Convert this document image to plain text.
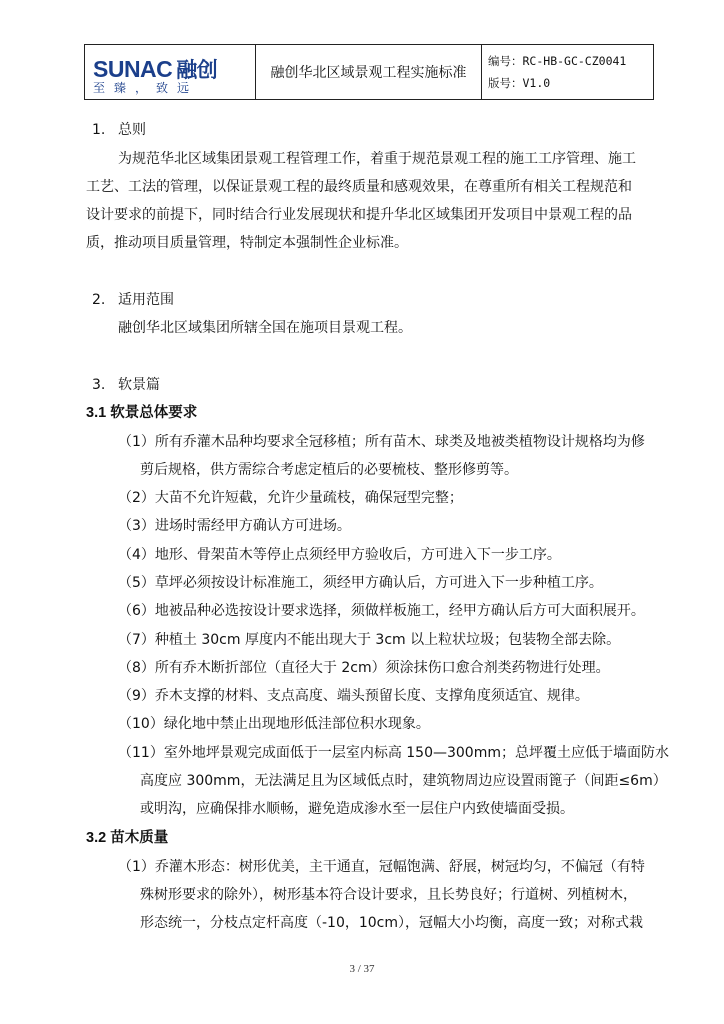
SUNAC 融创
至臻，致远
融创华北区域景观工程实施标准
编号：RC-HB-GC-CZ0041
版号：V1.0
1. 总则
为规范华北区域集团景观工程管理工作，着重于规范景观工程的施工工序管理、施工
工艺、工法的管理，以保证景观工程的最终质量和感观效果，在尊重所有相关工程规范和
设计要求的前提下，同时结合行业发展现状和提升华北区域集团开发项目中景观工程的品
质，推动项目质量管理，特制定本强制性企业标准。
2. 适用范围
融创华北区域集团所辖全国在施项目景观工程。
3. 软景篇
3.1 软景总体要求
（1）所有乔灌木品种均要求全冠移植；所有苗木、球类及地被类植物设计规格均为修
剪后规格，供方需综合考虑定植后的必要梳枝、整形修剪等。
（2）大苗不允许短截，允许少量疏枝，确保冠型完整；
（3）进场时需经甲方确认方可进场。
（4）地形、骨架苗木等停止点须经甲方验收后，方可进入下一步工序。
（5）草坪必须按设计标准施工，须经甲方确认后，方可进入下一步种植工序。
（6）地被品种必选按设计要求选择，须做样板施工，经甲方确认后方可大面积展开。
（7）种植土 30cm 厚度内不能出现大于 3cm 以上粒状垃圾；包装物全部去除。
（8）所有乔木断折部位（直径大于 2cm）须涂抹伤口愈合剂类药物进行处理。
（9）乔木支撑的材料、支点高度、端头预留长度、支撑角度须适宜、规律。
（10）绿化地中禁止出现地形低洼部位积水现象。
（11）室外地坪景观完成面低于一层室内标高 150—300mm；总坪覆土应低于墙面防水
高度应 300mm，无法满足且为区域低点时，建筑物周边应设置雨篦子（间距≤6m）
或明沟，应确保排水顺畅，避免造成渗水至一层住户内致使墙面受损。
3.2 苗木质量
（1）乔灌木形态：树形优美，主干通直，冠幅饱满、舒展，树冠均匀，不偏冠（有特
殊树形要求的除外），树形基本符合设计要求，且长势良好；行道树、列植树木，
形态统一，分枝点定杆高度（-10，10cm），冠幅大小均衡，高度一致；对称式栽
3 / 37
